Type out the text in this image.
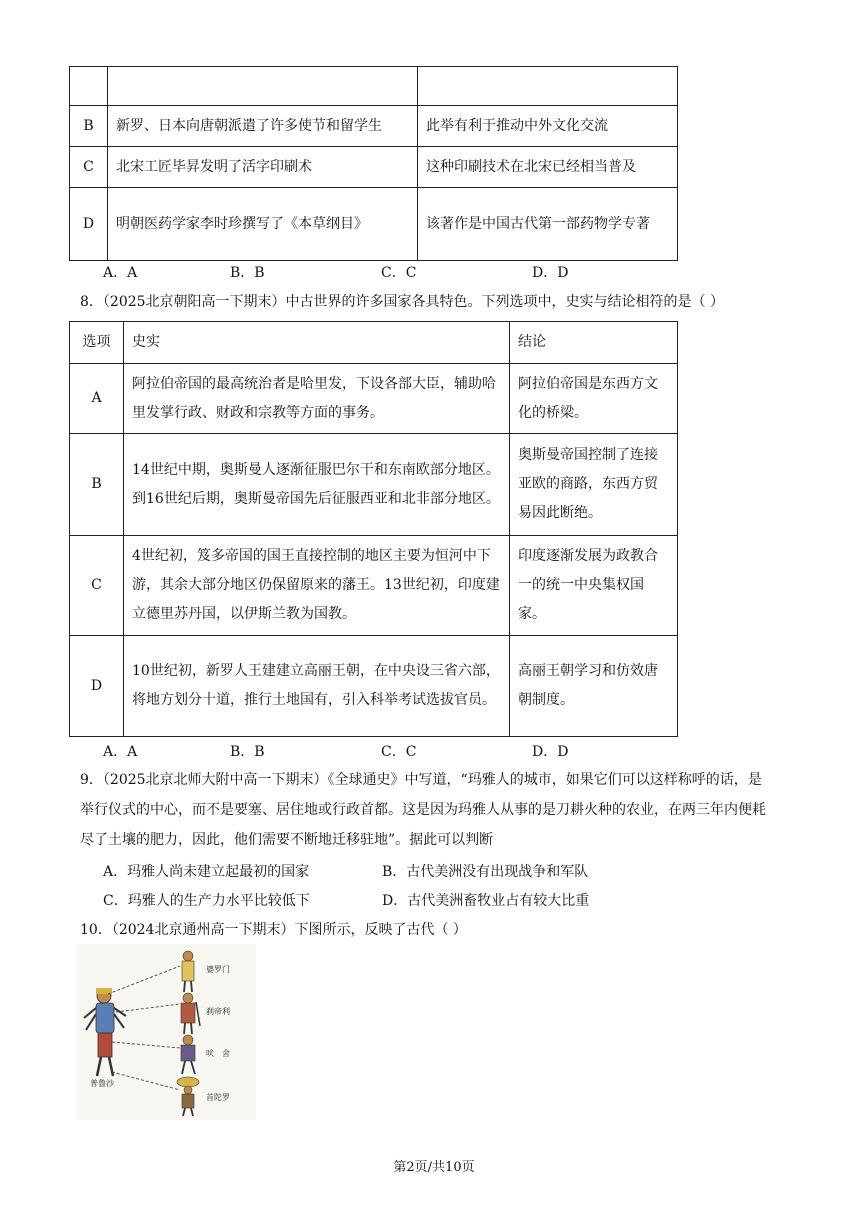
B	新罗、日本向唐朝派遣了许多使节和留学生	此举有利于推动中外文化交流
C	北宋工匠毕昇发明了活字印刷术	这种印刷技术在北宋已经相当普及
D	明朝医药学家李时珍撰写了《本草纲目》	该著作是中国古代第一部药物学专著
A．A	B．B	C．C	D．D
8．（2025北京朝阳高一下期末）中古世界的许多国家各具特色。下列选项中，史实与结论相符的是（ ）
选项	史实	结论
A	阿拉伯帝国的最高统治者是哈里发，下设各部大臣，辅助哈里发掌行政、财政和宗教等方面的事务。	阿拉伯帝国是东西方文化的桥梁。
B	14世纪中期，奥斯曼人逐渐征服巴尔干和东南欧部分地区。到16世纪后期，奥斯曼帝国先后征服西亚和北非部分地区。	奥斯曼帝国控制了连接亚欧的商路，东西方贸易因此断绝。
C	4世纪初，笈多帝国的国王直接控制的地区主要为恒河中下游，其余大部分地区仍保留原来的藩王。13世纪初，印度建立德里苏丹国，以伊斯兰教为国教。	印度逐渐发展为政教合一的统一中央集权国家。
D	10世纪初，新罗人王建建立高丽王朝，在中央设三省六部，将地方划分十道，推行土地国有，引入科举考试选拔官员。	高丽王朝学习和仿效唐朝制度。
A．A	B．B	C．C	D．D
9．（2025北京北师大附中高一下期末）《全球通史》中写道，“玛雅人的城市，如果它们可以这样称呼的话，是举行仪式的中心，而不是要塞、居住地或行政首都。这是因为玛雅人从事的是刀耕火种的农业，在两三年内便耗尽了土壤的肥力，因此，他们需要不断地迁移驻地”。据此可以判断
A．玛雅人尚未建立起最初的国家	B．古代美洲没有出现战争和军队
C．玛雅人的生产力水平比较低下	D．古代美洲畜牧业占有较大比重
10．（2024北京通州高一下期末）下图所示，反映了古代（ ）
婆罗门
刹帝利
吠　舍
首陀罗
普鲁沙
第2页/共10页
